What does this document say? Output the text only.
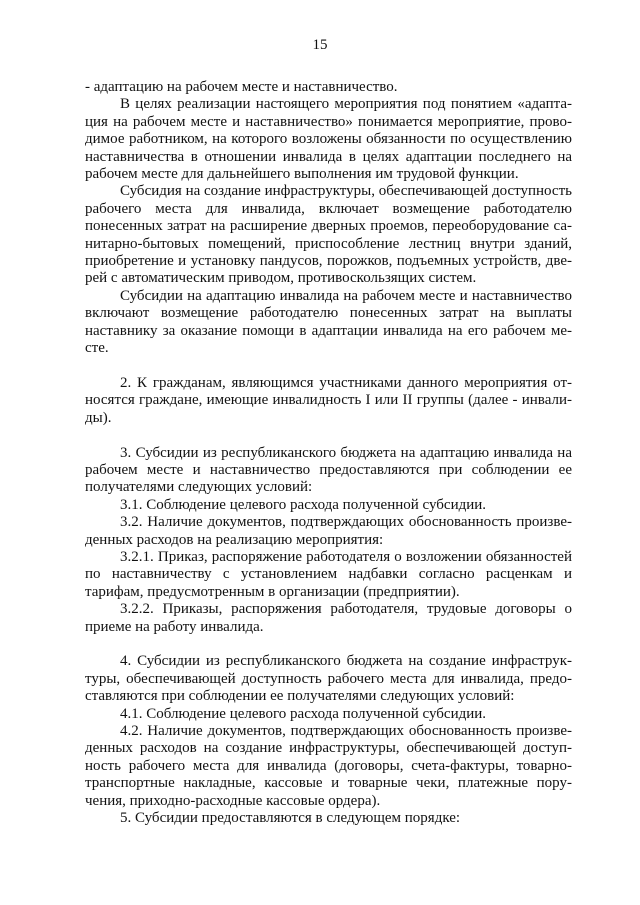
15

- адаптацию на рабочем месте и наставничество.

В целях реализации настоящего мероприятия под понятием «адаптация на рабочем месте и наставничество» понимается мероприятие, проводимое работником, на которого возложены обязанности по осуществлению наставничества в отношении инвалида в целях адаптации последнего на рабочем месте для дальнейшего выполнения им трудовой функции.

Субсидия на создание инфраструктуры, обеспечивающей доступность рабочего места для инвалида, включает возмещение работодателю понесенных затрат на расширение дверных проемов, переоборудование санитарно-бытовых помещений, приспособление лестниц внутри зданий, приобретение и установку пандусов, порожков, подъемных устройств, дверей с автоматическим приводом, противоскользящих систем.

Субсидии на адаптацию инвалида на рабочем месте и наставничество включают возмещение работодателю понесенных затрат на выплаты наставнику за оказание помощи в адаптации инвалида на его рабочем месте.

2. К гражданам, являющимся участниками данного мероприятия относятся граждане, имеющие инвалидность I или II группы (далее - инвалиды).

3. Субсидии из республиканского бюджета на адаптацию инвалида на рабочем месте и наставничество предоставляются при соблюдении ее получателями следующих условий:

3.1. Соблюдение целевого расхода полученной субсидии.

3.2. Наличие документов, подтверждающих обоснованность произведенных расходов на реализацию мероприятия:

3.2.1. Приказ, распоряжение работодателя о возложении обязанностей по наставничеству с установлением надбавки согласно расценкам и тарифам, предусмотренным в организации (предприятии).

3.2.2. Приказы, распоряжения работодателя, трудовые договоры о приеме на работу инвалида.

4. Субсидии из республиканского бюджета на создание инфраструктуры, обеспечивающей доступность рабочего места для инвалида, предоставляются при соблюдении ее получателями следующих условий:

4.1. Соблюдение целевого расхода полученной субсидии.

4.2. Наличие документов, подтверждающих обоснованность произведенных расходов на создание инфраструктуры, обеспечивающей доступность рабочего места для инвалида (договоры, счета-фактуры, товарно-транспортные накладные, кассовые и товарные чеки, платежные поручения, приходно-расходные кассовые ордера).

5. Субсидии предоставляются в следующем порядке:
